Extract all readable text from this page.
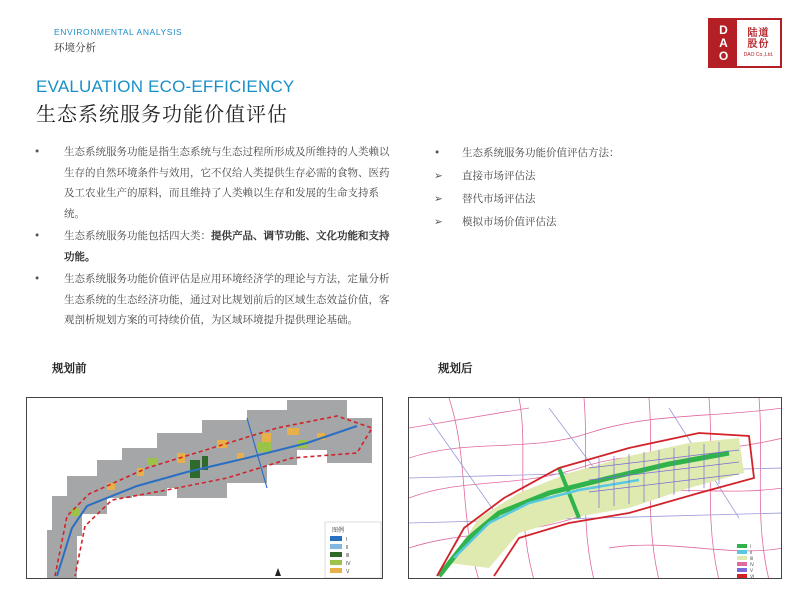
ENVIRONMENTAL ANALYSIS
环境分析
D
A
O
陆道
股份
DAO Co.,Ltd.
EVALUATION ECO-EFFICIENCY
生态系统服务功能价值评估
•	生态系统服务功能是指生态系统与生态过程所形成及所维持的人类赖以生存的自然环境条件与效用，它不仅给人类提供生存必需的食物、医药及工农业生产的原料，而且维持了人类赖以生存和发展的生命支持系统。
•	生态系统服务功能包括四大类：提供产品、调节功能、文化功能和支持功能。
•	生态系统服务功能价值评估是应用环境经济学的理论与方法，定量分析生态系统的生态经济功能，通过对比规划前后的区域生态效益价值，客观剖析规划方案的可持续价值，为区域环境提升提供理论基础。
•	生态系统服务功能价值评估方法：
➢	直接市场评估法
➢	替代市场评估法
➢	模拟市场价值评估法
规划前	规划后
图例
Ⅰ
Ⅱ
Ⅲ
Ⅳ
Ⅴ
Ⅰ
Ⅱ
Ⅲ
Ⅳ
Ⅴ
Ⅵ
